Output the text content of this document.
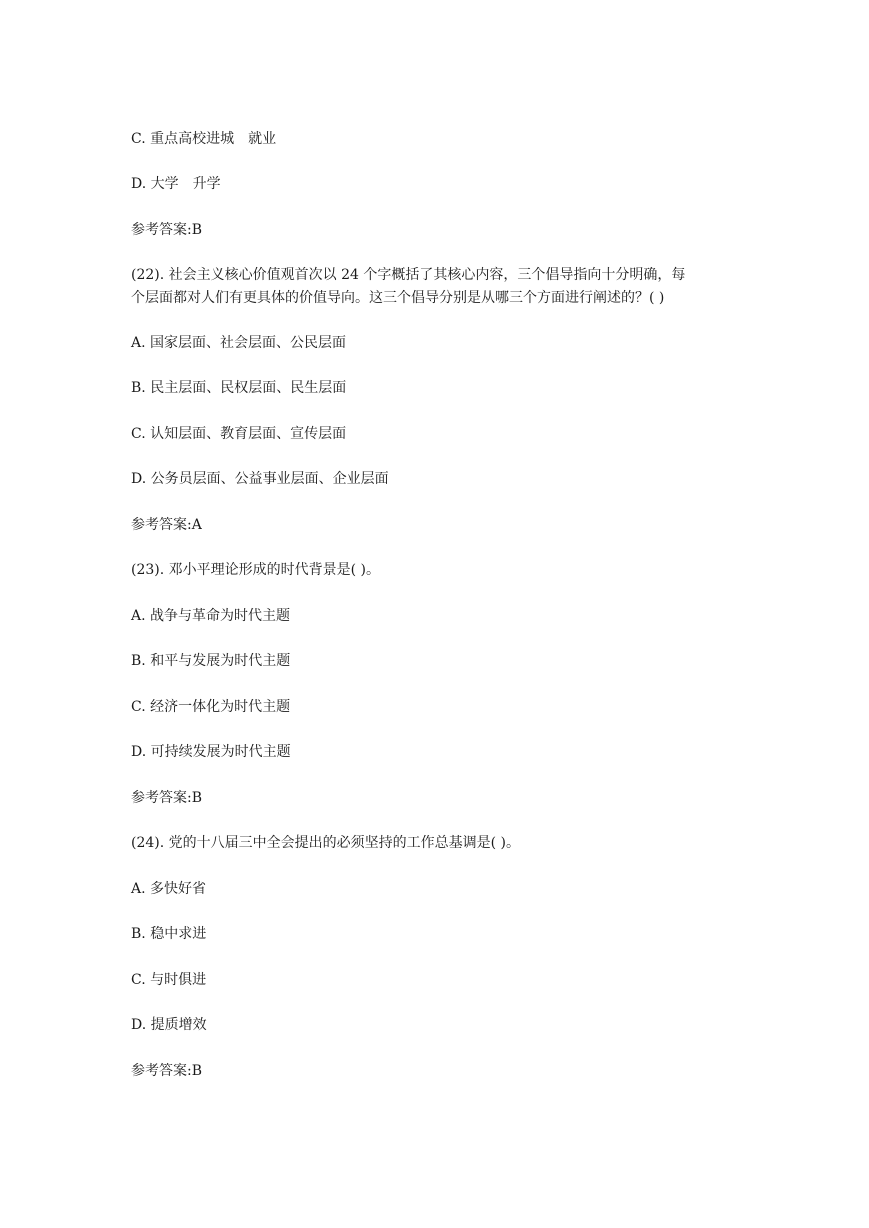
C. 重点高校进城　就业
D. 大学　升学
参考答案:B
(22). 社会主义核心价值观首次以 24 个字概括了其核心内容，三个倡导指向十分明确，每
个层面都对人们有更具体的价值导向。这三个倡导分别是从哪三个方面进行阐述的？( )
A. 国家层面、社会层面、公民层面
B. 民主层面、民权层面、民生层面
C. 认知层面、教育层面、宣传层面
D. 公务员层面、公益事业层面、企业层面
参考答案:A
(23). 邓小平理论形成的时代背景是( )。
A. 战争与革命为时代主题
B. 和平与发展为时代主题
C. 经济一体化为时代主题
D. 可持续发展为时代主题
参考答案:B
(24). 党的十八届三中全会提出的必须坚持的工作总基调是( )。
A. 多快好省
B. 稳中求进
C. 与时俱进
D. 提质增效
参考答案:B
